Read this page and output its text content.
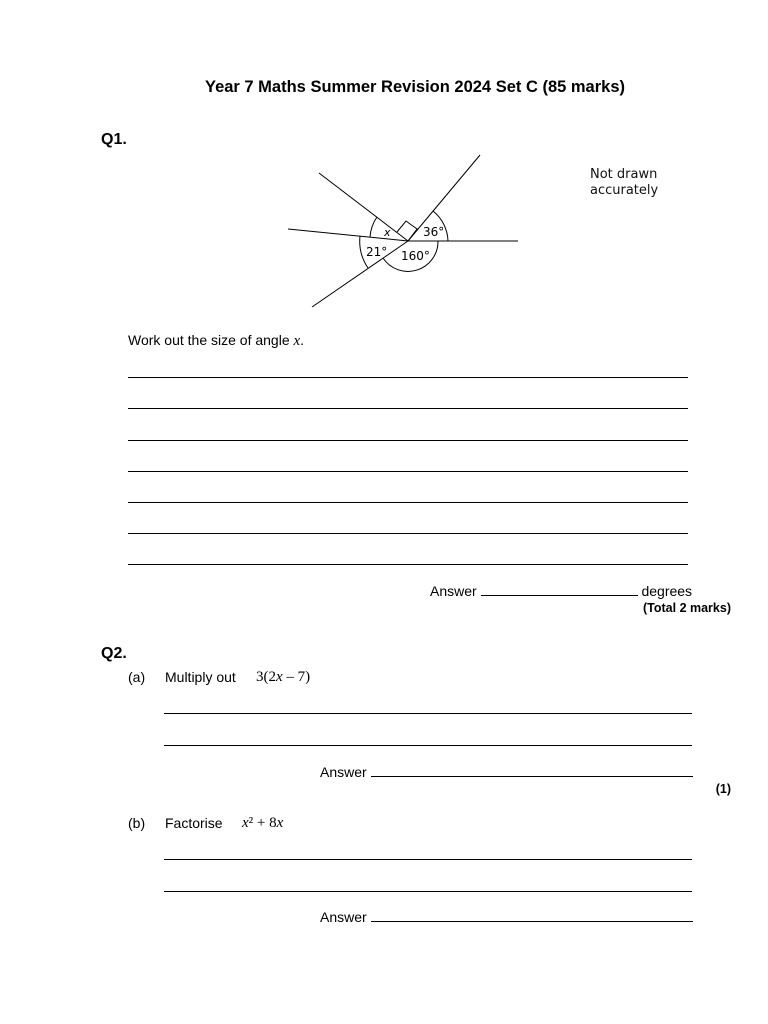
Year 7 Maths Summer Revision 2024 Set C (85 marks)
Q1.
x	36°
21° 160°
Not drawn
accurately
Work out the size of angle x.
Answer	degrees
(Total 2 marks)
Q2.
(a) Multiply out 3(2x – 7)
Answer
(1)
(b) Factorise x² + 8x
Answer
